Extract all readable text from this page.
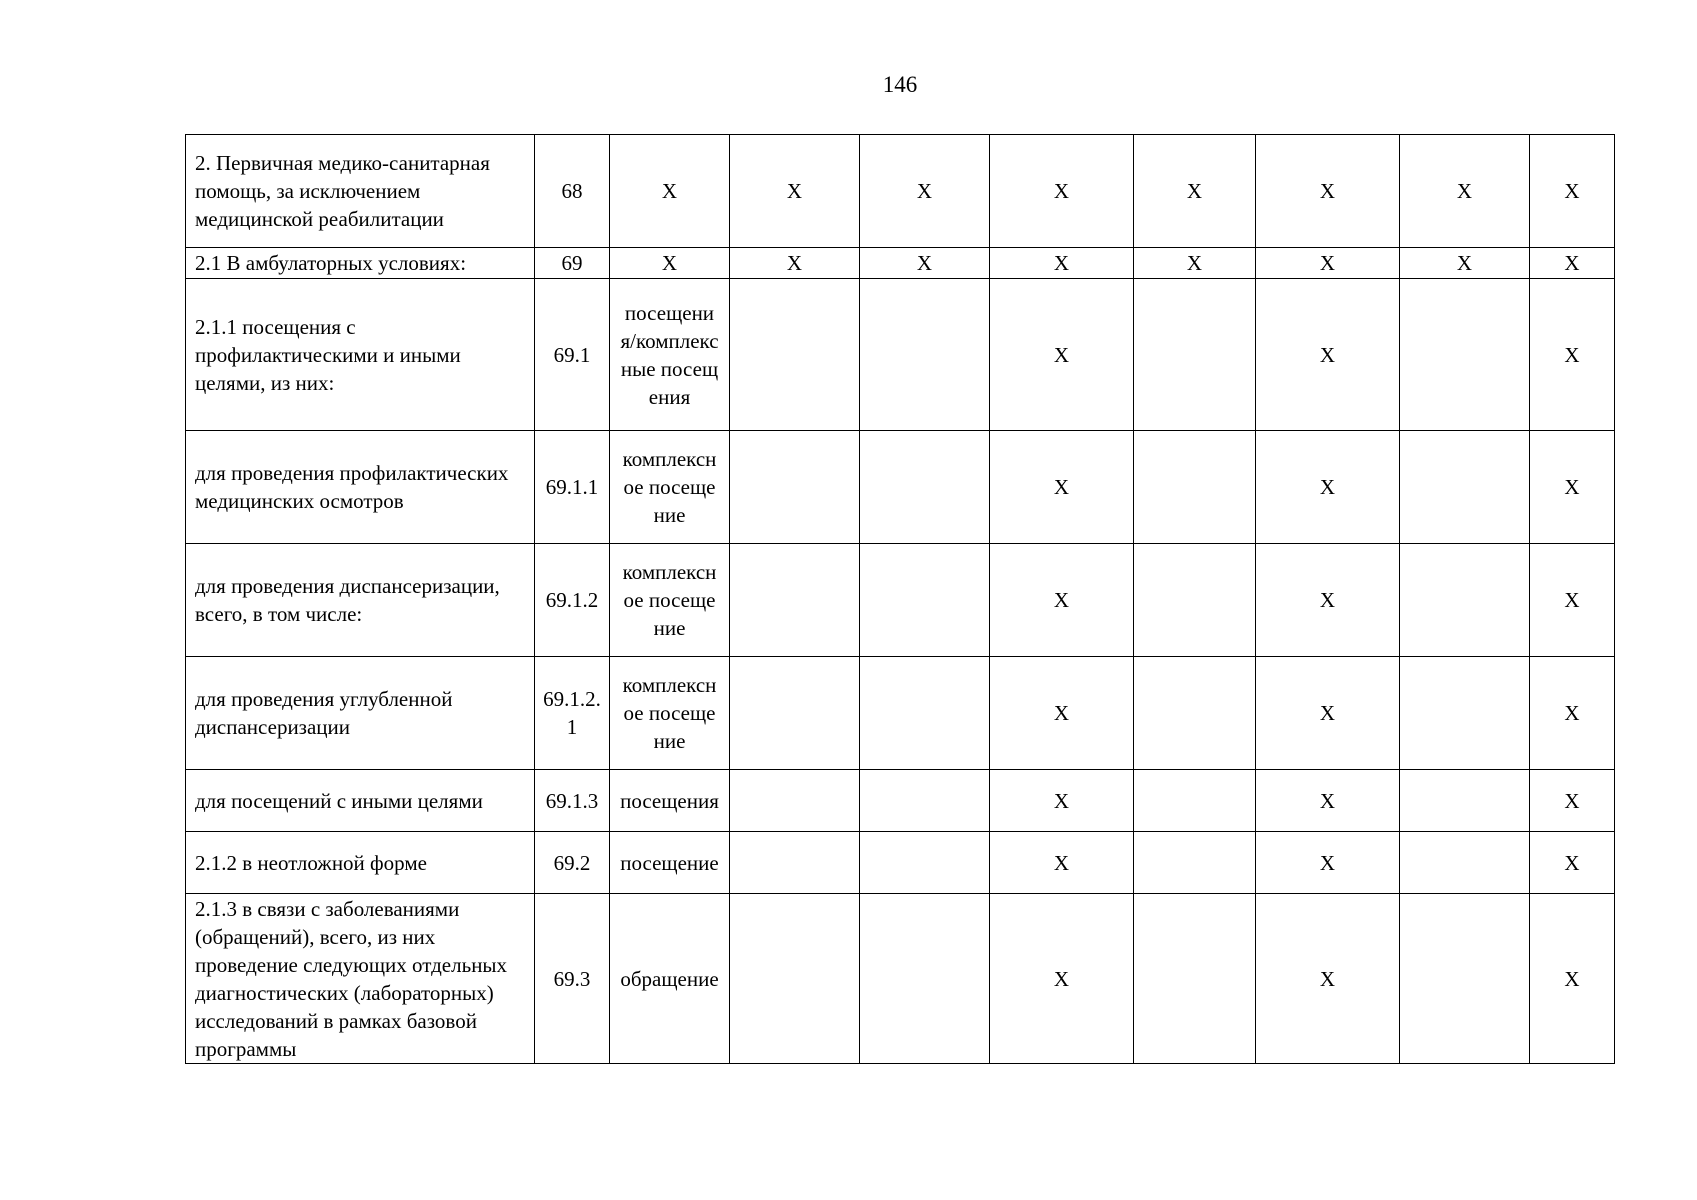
146
2. Первичная медико-санитарная помощь, за исключением медицинской реабилитации	68	X	X	X	X	X	X	X	X
2.1 В амбулаторных условиях:	69	X	X	X	X	X	X	X	X
2.1.1 посещения с профилактическими и иными целями, из них:	69.1	посещения/комплексные посещения			X		X		X
для проведения профилактических медицинских осмотров	69.1.1	комплексное посещение			X		X		X
для проведения диспансеризации, всего, в том числе:	69.1.2	комплексное посещение			X		X		X
для проведения углубленной диспансеризации	69.1.2.1	комплексное посещение			X		X		X
для посещений с иными целями	69.1.3	посещения			X		X		X
2.1.2 в неотложной форме	69.2	посещение			X		X		X
2.1.3 в связи с заболеваниями (обращений), всего, из них проведение следующих отдельных диагностических (лабораторных) исследований в рамках базовой программы	69.3	обращение			X		X		X
